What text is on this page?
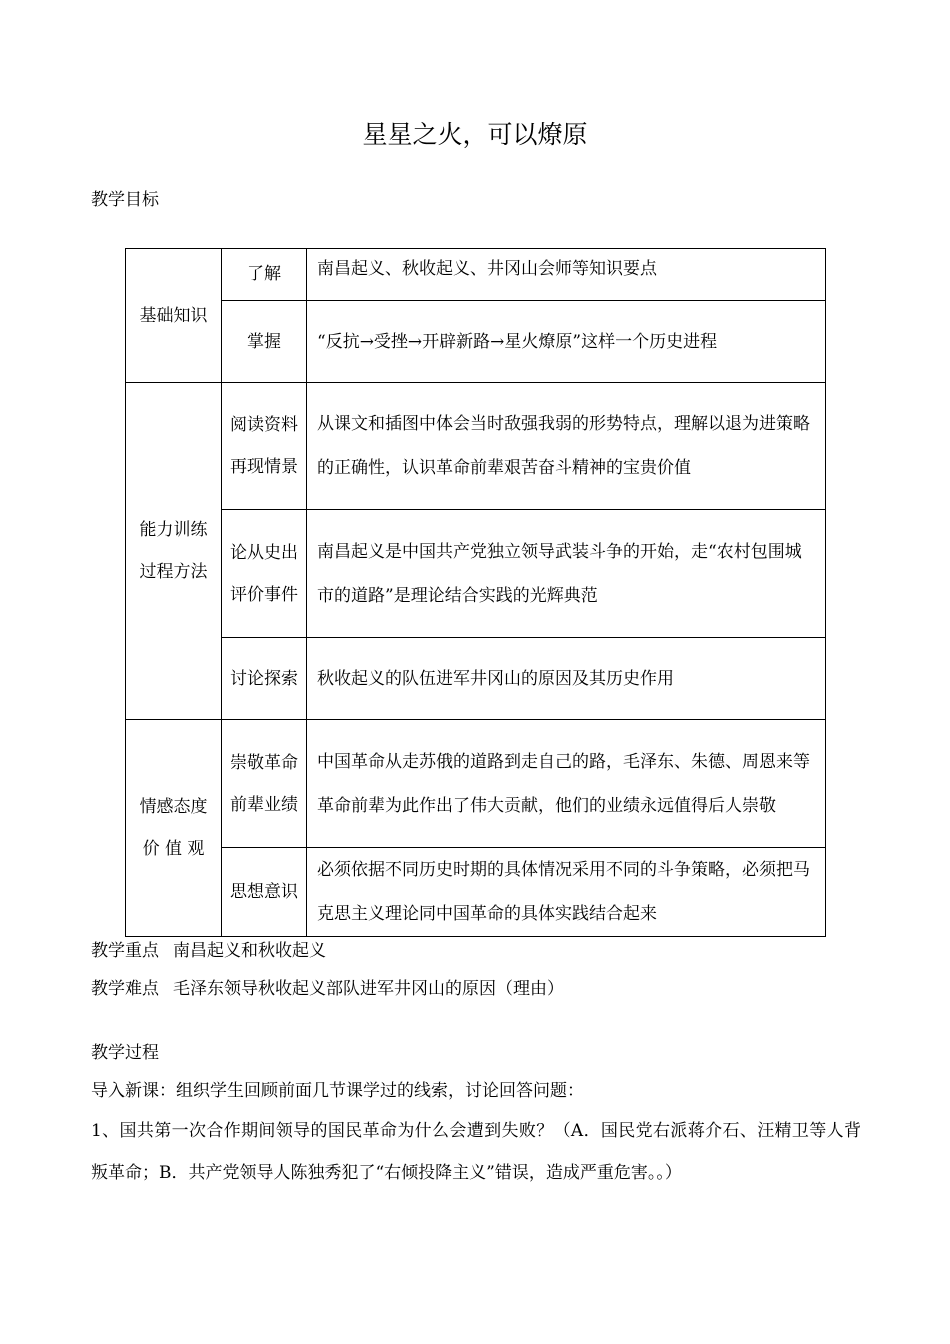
星星之火，可以燎原
教学目标
基础知识	了解	南昌起义、秋收起义、井冈山会师等知识要点
	掌握	“反抗→受挫→开辟新路→星火燎原”这样一个历史进程

能力训练
过程方法	阅读资料再现情景	从课文和插图中体会当时敌强我弱的形势特点，理解以退为进策略的正确性，认识革命前辈艰苦奋斗精神的宝贵价值
	论从史出评价事件	南昌起义是中国共产党独立领导武装斗争的开始，走“农村包围城市的道路”是理论结合实践的光辉典范
	讨论探索	秋收起义的队伍进军井冈山的原因及其历史作用

情感态度
价 值 观	崇敬革命前辈业绩	中国革命从走苏俄的道路到走自己的路，毛泽东、朱德、周恩来等革命前辈为此作出了伟大贡献，他们的业绩永远值得后人崇敬
	思想意识	必须依据不同历史时期的具体情况采用不同的斗争策略，必须把马克思主义理论同中国革命的具体实践结合起来
教学重点 南昌起义和秋收起义
教学难点 毛泽东领导秋收起义部队进军井冈山的原因（理由）
教学过程
导入新课：组织学生回顾前面几节课学过的线索，讨论回答问题：

1、国共第一次合作期间领导的国民革命为什么会遭到失败？（A．国民党右派蒋介石、汪精卫等人背叛革命；B．共产党领导人陈独秀犯了“右倾投降主义”错误，造成严重危害。。）
